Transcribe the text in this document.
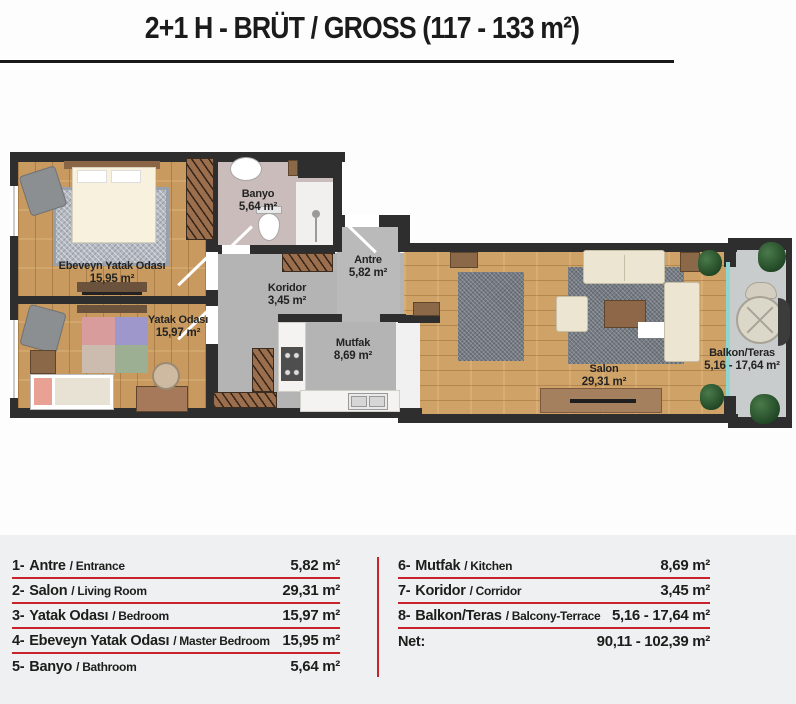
2+1 H - BRÜT / GROSS (117 - 133 m²)
Ebeveyn Yatak Odası
15,95 m²
Yatak Odası
15,97 m²
Banyo
5,64 m²
Antre
5,82 m²
Koridor
3,45 m²
Mutfak
8,69 m²
Salon
29,31 m²
Balkon/Teras
5,16 - 17,64 m²
1- Antre / Entrance	5,82 m²
2- Salon / Living Room	29,31 m²
3- Yatak Odası / Bedroom	15,97 m²
4- Ebeveyn Yatak Odası / Master Bedroom 15,95 m²
5- Banyo / Bathroom	5,64 m²
6- Mutfak / Kitchen	8,69 m²
7- Koridor / Corridor	3,45 m²
8- Balkon/Teras / Balcony-Terrace 5,16 - 17,64 m²
Net:	90,11 - 102,39 m²
